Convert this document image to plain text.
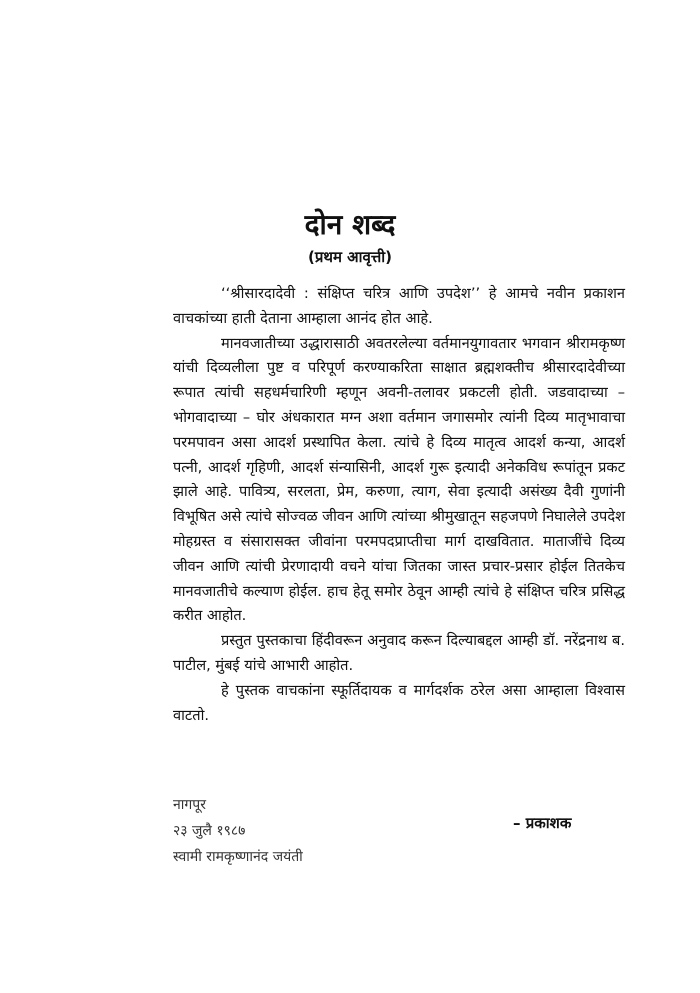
दोन शब्द
(प्रथम आवृत्ती)

‘‘श्रीसारदादेवी : संक्षिप्त चरित्र आणि उपदेश’’ हे आमचे नवीन प्रकाशन वाचकांच्या हाती देताना आम्हाला आनंद होत आहे.

मानवजातीच्या उद्धारासाठी अवतरलेल्या वर्तमानयुगावतार भगवान श्रीरामकृष्ण यांची दिव्यलीला पुष्ट व परिपूर्ण करण्याकरिता साक्षात ब्रह्मशक्तीच श्रीसारदादेवीच्या रूपात त्यांची सहधर्मचारिणी म्हणून अवनी-तलावर प्रकटली होती. जडवादाच्या – भोगवादाच्या – घोर अंधकारात मग्न अशा वर्तमान जगासमोर त्यांनी दिव्य मातृभावाचा परमपावन असा आदर्श प्रस्थापित केला. त्यांचे हे दिव्य मातृत्व आदर्श कन्या, आदर्श पत्नी, आदर्श गृहिणी, आदर्श संन्यासिनी, आदर्श गुरू इत्यादी अनेकविध रूपांतून प्रकट झाले आहे. पावित्र्य, सरलता, प्रेम, करुणा, त्याग, सेवा इत्यादी असंख्य दैवी गुणांनी विभूषित असे त्यांचे सोज्वळ जीवन आणि त्यांच्या श्रीमुखातून सहजपणे निघालेले उपदेश मोहग्रस्त व संसारासक्त जीवांना परमपदप्राप्तीचा मार्ग दाखवितात. माताजींचे दिव्य जीवन आणि त्यांची प्रेरणादायी वचने यांचा जितका जास्त प्रचार-प्रसार होईल तितकेच मानवजातीचे कल्याण होईल. हाच हेतू समोर ठेवून आम्ही त्यांचे हे संक्षिप्त चरित्र प्रसिद्ध करीत आहोत.

प्रस्तुत पुस्तकाचा हिंदीवरून अनुवाद करून दिल्याबद्दल आम्ही डॉ. नरेंद्रनाथ ब. पाटील, मुंबई यांचे आभारी आहोत.

हे पुस्तक वाचकांना स्फूर्तिदायक व मार्गदर्शक ठरेल असा आम्हाला विश्वास वाटतो.

नागपूर
२३ जुलै १९८७
स्वामी रामकृष्णानंद जयंती
– प्रकाशक
